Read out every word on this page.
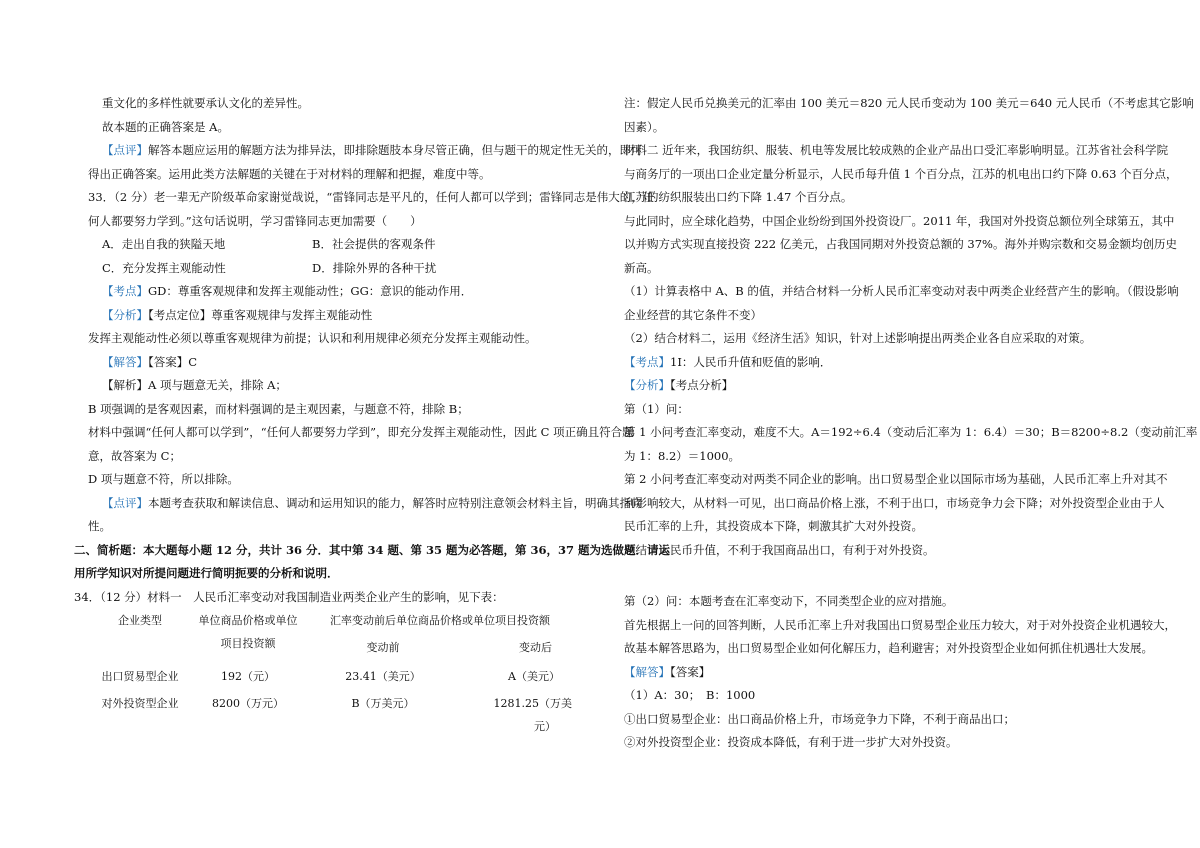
重文化的多样性就要承认文化的差异性。
故本题的正确答案是 A。
【点评】解答本题应运用的解题方法为排异法，即排除题肢本身尽管正确，但与题干的规定性无关的，即可
得出正确答案。运用此类方法解题的关键在于对材料的理解和把握，难度中等。
33．（2 分）老一辈无产阶级革命家谢觉哉说，“雷锋同志是平凡的，任何人都可以学到；雷锋同志是伟大的，任
何人都要努力学到。”这句话说明，学习雷锋同志更加需要（　　）
A．走出自我的狭隘天地	B．社会提供的客观条件
C．充分发挥主观能动性	D．排除外界的各种干扰
【考点】GD：尊重客观规律和发挥主观能动性；GG：意识的能动作用．
【分析】【考点定位】尊重客观规律与发挥主观能动性
发挥主观能动性必须以尊重客观规律为前提；认识和利用规律必须充分发挥主观能动性。
【解答】【答案】C
【解析】A 项与题意无关，排除 A；
B 项强调的是客观因素，而材料强调的是主观因素，与题意不符，排除 B；
材料中强调“任何人都可以学到”，“任何人都要努力学到”，即充分发挥主观能动性，因此 C 项正确且符合题
意，故答案为 C；
D 项与题意不符，所以排除。
【点评】本题考查获取和解读信息、调动和运用知识的能力，解答时应特别注意领会材料主旨，明确其指向
性。
二、简析题：本大题每小题 12 分，共计 36 分．其中第 34 题、第 35 题为必答题，第 36，37 题为选做题．请运
用所学知识对所提问题进行简明扼要的分析和说明．
34．（12 分）材料一　人民币汇率变动对我国制造业两类企业产生的影响，见下表：
企业类型	单位商品价格或单位	汇率变动前后单位商品价格或单位项目投资额	
	项目投资额	变动前	变动后
出口贸易型企业	192（元）	23.41（美元）	A（美元）
对外投资型企业	8200（万元）	B（万美元）	1281.25（万美
元）
注：假定人民币兑换美元的汇率由 100 美元＝820 元人民币变动为 100 美元＝640 元人民币（不考虑其它影响
因素）。
材料二 近年来，我国纺织、服装、机电等发展比较成熟的企业产品出口受汇率影响明显。江苏省社会科学院
与商务厅的一项出口企业定量分析显示，人民币每升值 1 个百分点，江苏的机电出口约下降 0.63 个百分点，
江苏的纺织服装出口约下降 1.47 个百分点。
与此同时，应全球化趋势，中国企业纷纷到国外投资设厂。2011 年，我国对外投资总额位列全球第五，其中
以并购方式实现直接投资 222 亿美元，占我国同期对外投资总额的 37%。海外并购宗数和交易金额均创历史
新高。
（1）计算表格中 A、B 的值，并结合材料一分析人民币汇率变动对表中两类企业经营产生的影响。（假设影响
企业经营的其它条件不变）
（2）结合材料二，运用《经济生活》知识，针对上述影响提出两类企业各自应采取的对策。
【考点】1I：人民币升值和贬值的影响．
【分析】【考点分析】
第（1）问：
第 1 小问考查汇率变动，难度不大。A＝192÷6.4（变动后汇率为 1：6.4）＝30；B＝8200÷8.2（变动前汇率
为 1：8.2）＝1000。
第 2 小问考查汇率变动对两类不同企业的影响。出口贸易型企业以国际市场为基础，人民币汇率上升对其不
利影响较大，从材料一可见，出口商品价格上涨，不利于出口，市场竞争力会下降；对外投资型企业由于人
民币汇率的上升，其投资成本下降，刺激其扩大对外投资。
总结：人民币升值，不利于我国商品出口，有利于对外投资。
第（2）问：本题考查在汇率变动下，不同类型企业的应对措施。
首先根据上一问的回答判断，人民币汇率上升对我国出口贸易型企业压力较大，对于对外投资企业机遇较大，
故基本解答思路为，出口贸易型企业如何化解压力，趋利避害；对外投资型企业如何抓住机遇壮大发展。
【解答】【答案】
（1）A：30；　B：1000
①出口贸易型企业：出口商品价格上升，市场竞争力下降，不利于商品出口；
②对外投资型企业：投资成本降低，有利于进一步扩大对外投资。
